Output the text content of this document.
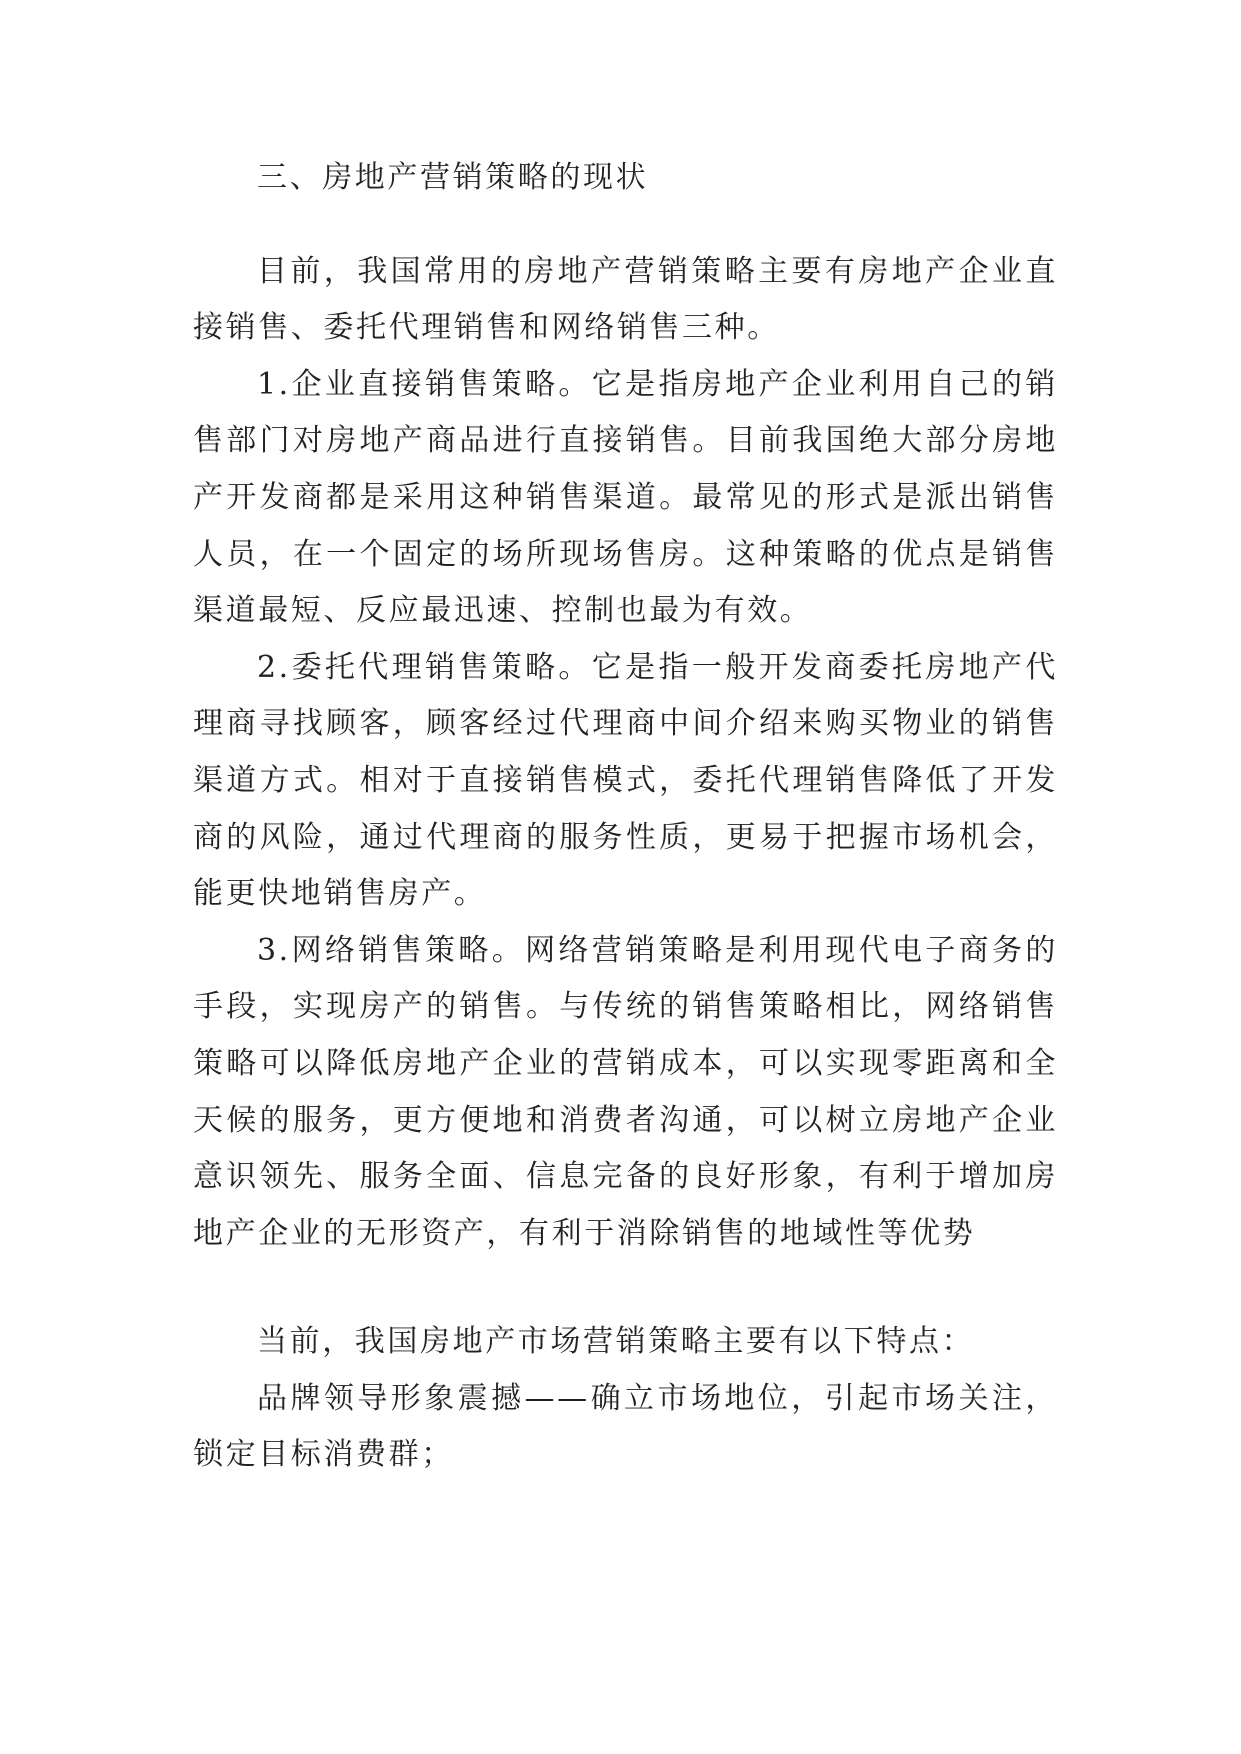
三、房地产营销策略的现状

目前，我国常用的房地产营销策略主要有房地产企业直接销售、委托代理销售和网络销售三种。

1.企业直接销售策略。它是指房地产企业利用自己的销售部门对房地产商品进行直接销售。目前我国绝大部分房地产开发商都是采用这种销售渠道。最常见的形式是派出销售人员，在一个固定的场所现场售房。这种策略的优点是销售渠道最短、反应最迅速、控制也最为有效。

2.委托代理销售策略。它是指一般开发商委托房地产代理商寻找顾客，顾客经过代理商中间介绍来购买物业的销售渠道方式。相对于直接销售模式，委托代理销售降低了开发商的风险，通过代理商的服务性质，更易于把握市场机会，能更快地销售房产。

3.网络销售策略。网络营销策略是利用现代电子商务的手段，实现房产的销售。与传统的销售策略相比，网络销售策略可以降低房地产企业的营销成本，可以实现零距离和全天候的服务，更方便地和消费者沟通，可以树立房地产企业意识领先、服务全面、信息完备的良好形象，有利于增加房地产企业的无形资产，有利于消除销售的地域性等优势

当前，我国房地产市场营销策略主要有以下特点：

品牌领导形象震撼——确立市场地位，引起市场关注，锁定目标消费群；
